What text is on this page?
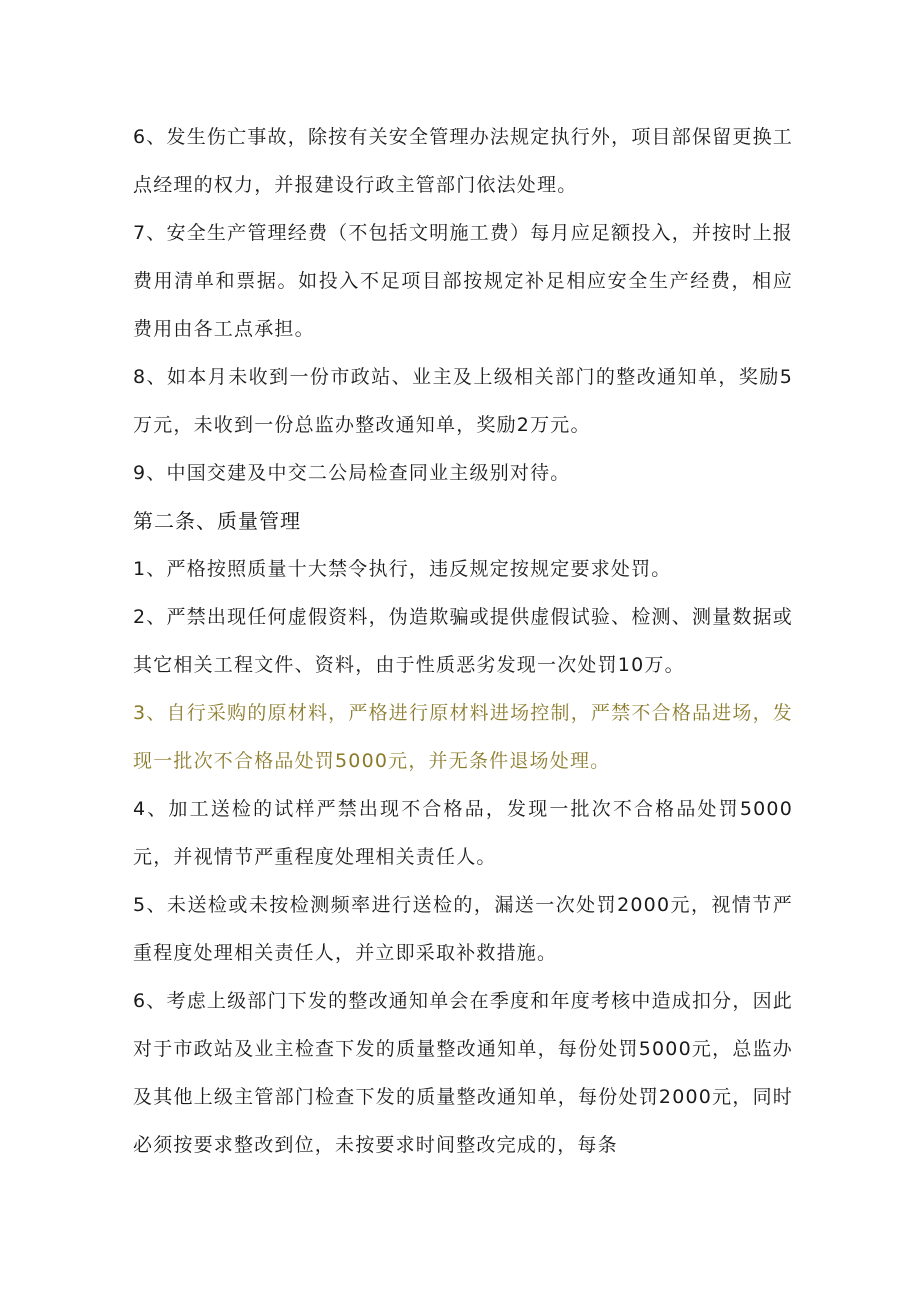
6、发生伤亡事故，除按有关安全管理办法规定执行外，项目部保留更换工点经理的权力，并报建设行政主管部门依法处理。

7、安全生产管理经费（不包括文明施工费）每月应足额投入，并按时上报费用清单和票据。如投入不足项目部按规定补足相应安全生产经费，相应费用由各工点承担。

8、如本月未收到一份市政站、业主及上级相关部门的整改通知单，奖励5万元，未收到一份总监办整改通知单，奖励2万元。

9、中国交建及中交二公局检查同业主级别对待。

第二条、质量管理

1、严格按照质量十大禁令执行，违反规定按规定要求处罚。

2、严禁出现任何虚假资料，伪造欺骗或提供虚假试验、检测、测量数据或其它相关工程文件、资料，由于性质恶劣发现一次处罚10万。

3、自行采购的原材料，严格进行原材料进场控制，严禁不合格品进场，发现一批次不合格品处罚5000元，并无条件退场处理。

4、加工送检的试样严禁出现不合格品，发现一批次不合格品处罚5000元，并视情节严重程度处理相关责任人。

5、未送检或未按检测频率进行送检的，漏送一次处罚2000元，视情节严重程度处理相关责任人，并立即采取补救措施。

6、考虑上级部门下发的整改通知单会在季度和年度考核中造成扣分，因此对于市政站及业主检查下发的质量整改通知单，每份处罚5000元，总监办及其他上级主管部门检查下发的质量整改通知单，每份处罚2000元，同时必须按要求整改到位，未按要求时间整改完成的，每条
